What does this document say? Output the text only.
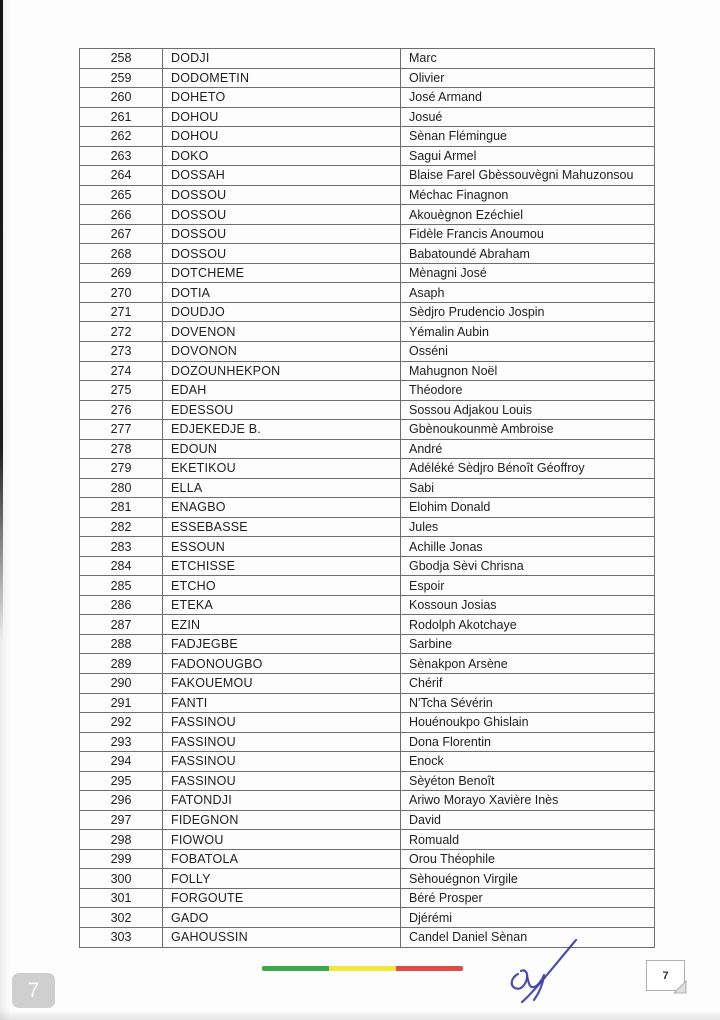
258	DODJI	Marc
259	DODOMETIN	Olivier
260	DOHETO	José Armand
261	DOHOU	Josué
262	DOHOU	Sènan Flémingue
263	DOKO	Sagui Armel
264	DOSSAH	Blaise Farel Gbèssouvègni Mahuzonsou
265	DOSSOU	Méchac Finagnon
266	DOSSOU	Akouègnon Ezéchiel
267	DOSSOU	Fidèle Francis Anoumou
268	DOSSOU	Babatoundé Abraham
269	DOTCHEME	Mènagni José
270	DOTIA	Asaph
271	DOUDJO	Sèdjro Prudencio Jospin
272	DOVENON	Yémalin Aubin
273	DOVONON	Osséni
274	DOZOUNHEKPON	Mahugnon Noël
275	EDAH	Théodore
276	EDESSOU	Sossou Adjakou Louis
277	EDJEKEDJE B.	Gbènoukounmè Ambroise
278	EDOUN	André
279	EKETIKOU	Adéléké Sèdjro Bénoît Géoffroy
280	ELLA	Sabi
281	ENAGBO	Elohim Donald
282	ESSEBASSE	Jules
283	ESSOUN	Achille Jonas
284	ETCHISSE	Gbodja Sèvi Chrisna
285	ETCHO	Espoir
286	ETEKA	Kossoun Josias
287	EZIN	Rodolph Akotchaye
288	FADJEGBE	Sarbine
289	FADONOUGBO	Sènakpon Arsène
290	FAKOUEMOU	Chérif
291	FANTI	N'Tcha Sévérin
292	FASSINOU	Houénoukpo Ghislain
293	FASSINOU	Dona Florentin
294	FASSINOU	Enock
295	FASSINOU	Sèyéton Benoît
296	FATONDJI	Ariwo Morayo Xavière Inès
297	FIDEGNON	David
298	FIOWOU	Romuald
299	FOBATOLA	Orou Théophile
300	FOLLY	Sèhouégnon Virgile
301	FORGOUTE	Béré Prosper
302	GADO	Djérémi
303	GAHOUSSIN	Candel Daniel Sènan
7
7
